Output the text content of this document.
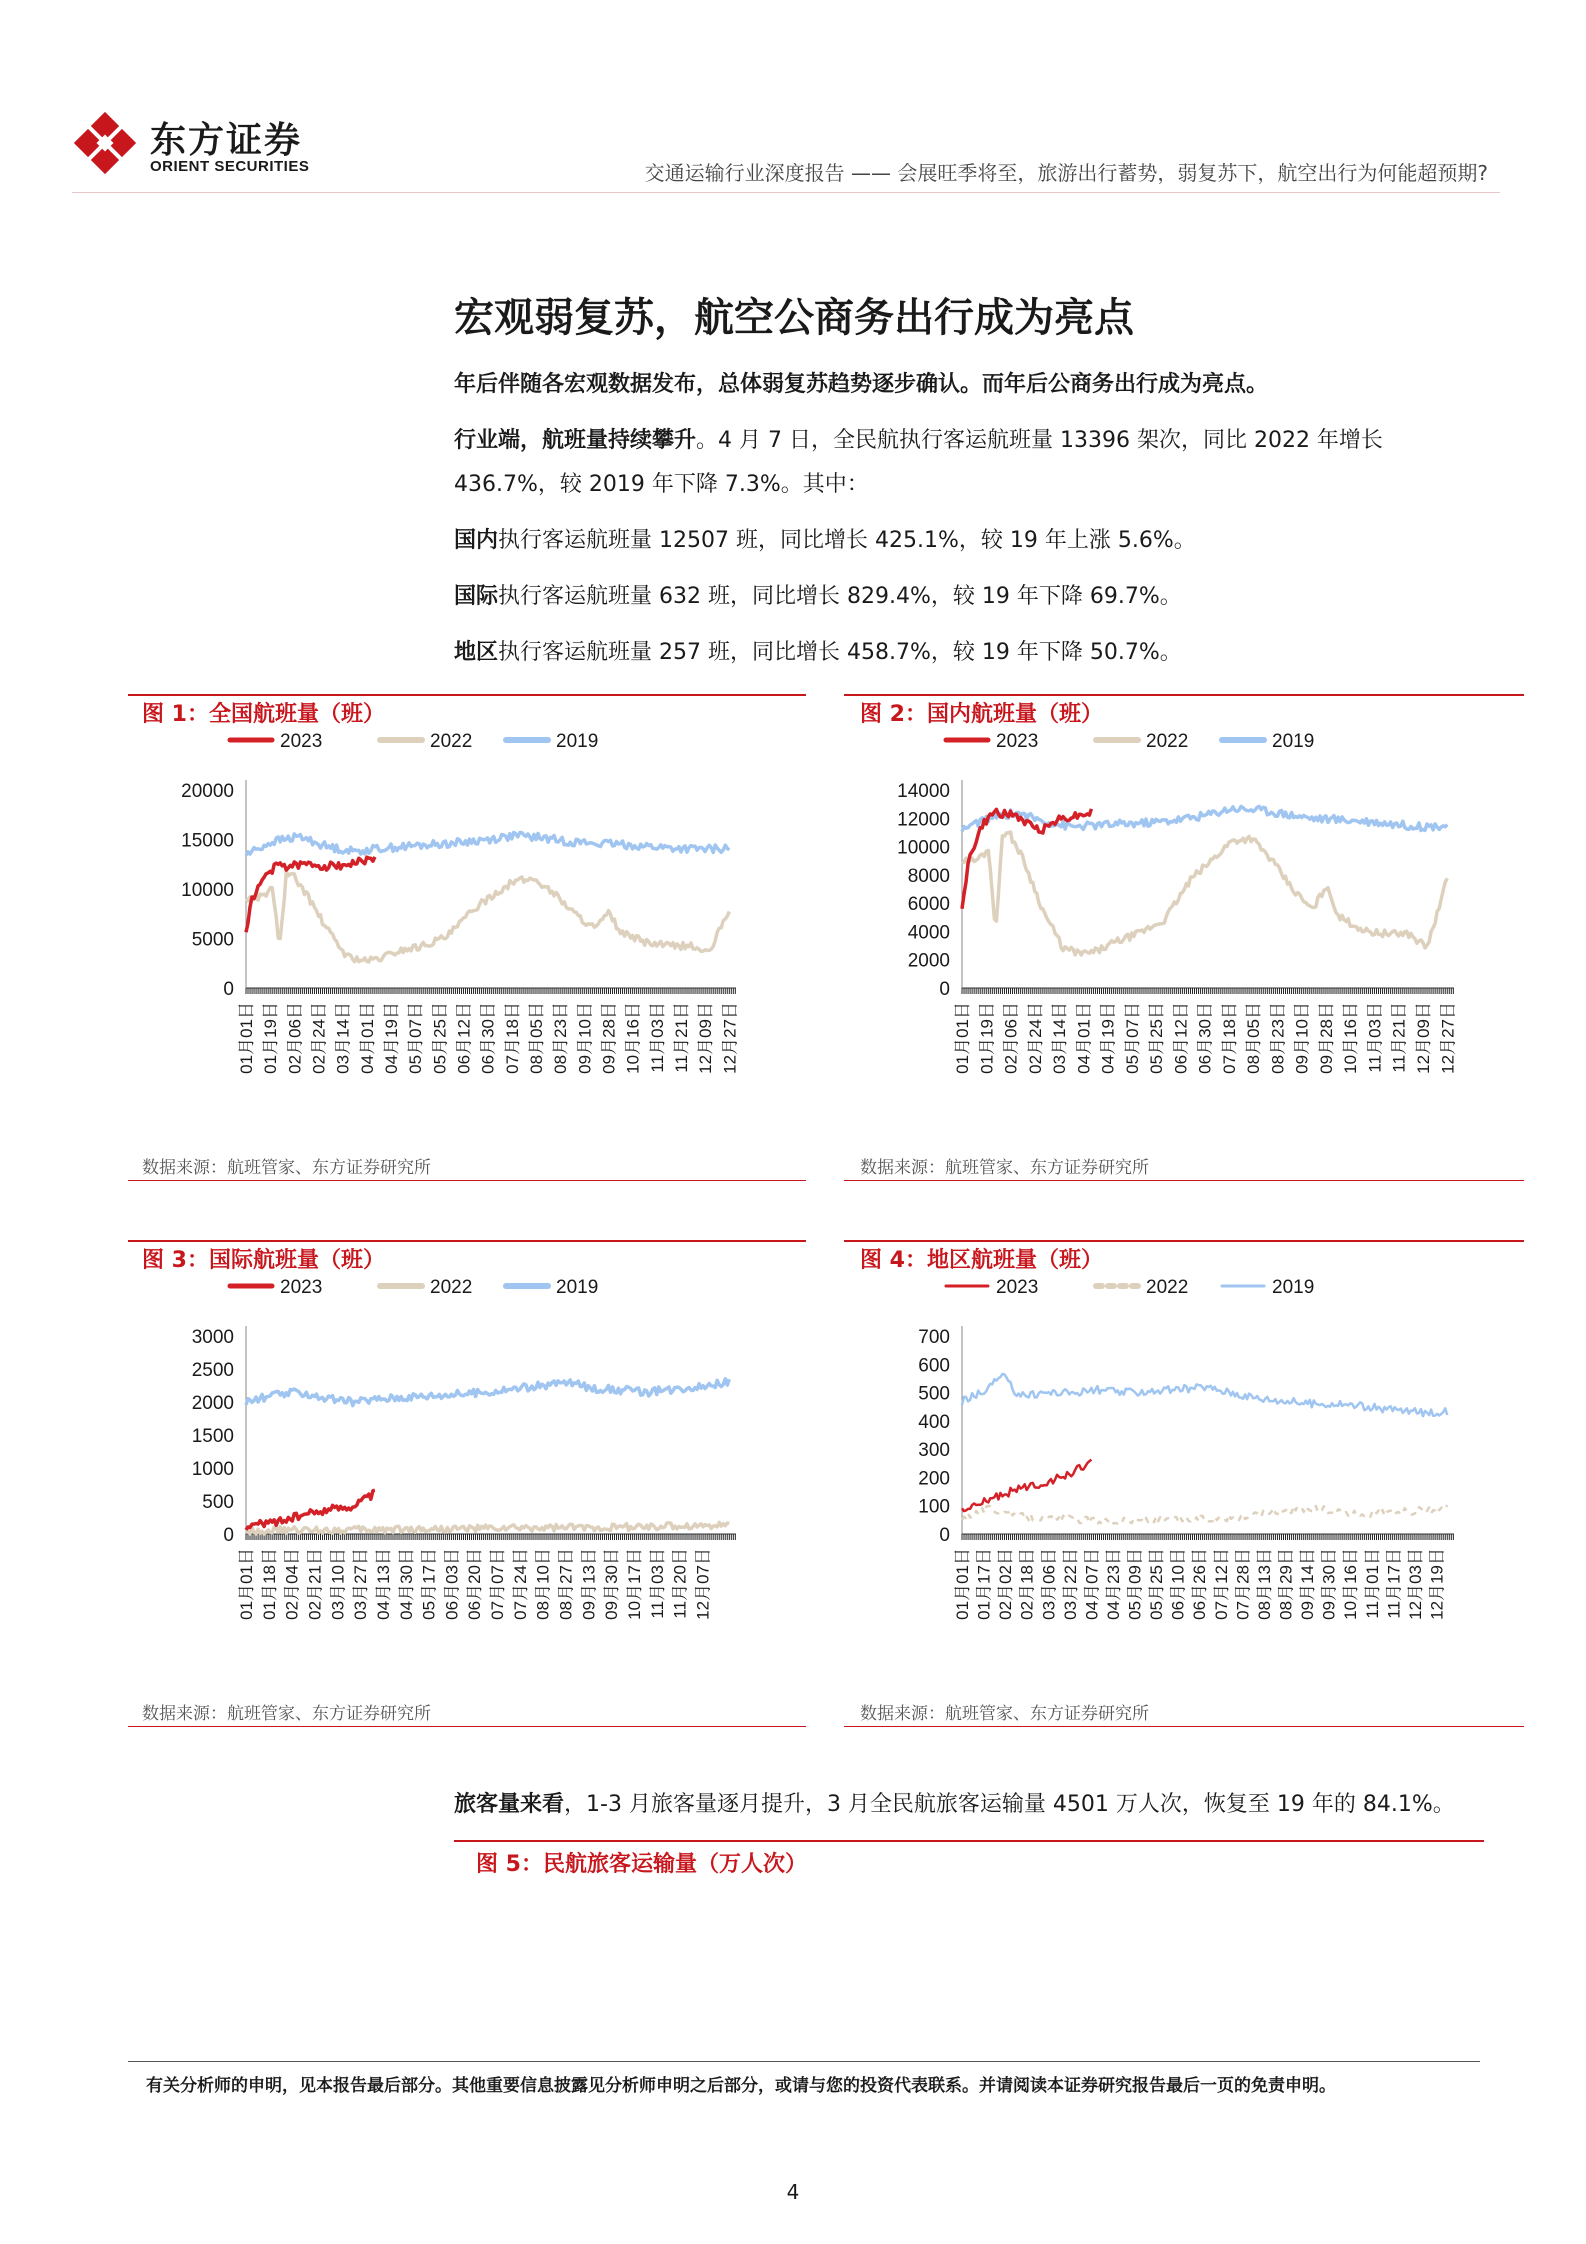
东方证券
ORIENT SECURITIES	交通运输行业深度报告 —— 会展旺季将至，旅游出行蓄势，弱复苏下，航空出行为何能超预期?
宏观弱复苏，航空公商务出行成为亮点
年后伴随各宏观数据发布，总体弱复苏趋势逐步确认。而年后公商务出行成为亮点。
行业端，航班量持续攀升。4 月 7 日，全民航执行客运航班量 13396 架次，同比 2022 年增长
436.7%，较 2019 年下降 7.3%。其中：
国内执行客运航班量 12507 班，同比增长 425.1%，较 19 年上涨 5.6%。
国际执行客运航班量 632 班，同比增长 829.4%，较 19 年下降 69.7%。
地区执行客运航班量 257 班，同比增长 458.7%，较 19 年下降 50.7%。
图 1：全国航班量（班）	图 2：国内航班量（班）
图 3：国际航班量（班）	图 4：地区航班量（班）
2023	2022	2019
20000
15000
10000
5000
0
01月01日 01月19日 02月06日 02月24日 03月14日 04月01日 04月19日 05月07日 05月25日 06月12日 06月30日 07月18日 08月05日 08月23日 09月10日 09月28日 10月16日 11月03日 11月21日 12月09日 12月27日
2023	2022	2019
14000
12000
10000
8000
6000
4000
2000
0
01月01日 01月19日 02月06日 02月24日 03月14日 04月01日 04月19日 05月07日 05月25日 06月12日 06月30日 07月18日 08月05日 08月23日 09月10日 09月28日 10月16日 11月03日 11月21日 12月09日 12月27日
2023	2022	2019
3000
2500
2000
1500
1000
500
0
01月01日 01月18日 02月04日 02月21日 03月10日 03月27日 04月13日 04月30日 05月17日 06月03日 06月20日 07月07日 07月24日 08月10日 08月27日 09月13日 09月30日 10月17日 11月03日 11月20日 12月07日
2023	2022	2019
700
600
500
400
300
200
100
0
01月01日 01月17日 02月02日 02月18日 03月06日 03月22日 04月07日 04月23日 05月09日 05月25日 06月10日 06月26日 07月12日 07月28日 08月13日 08月29日 09月14日 09月30日 10月16日 11月01日 11月17日 12月03日 12月19日
数据来源：航班管家、东方证券研究所	数据来源：航班管家、东方证券研究所
数据来源：航班管家、东方证券研究所	数据来源：航班管家、东方证券研究所
旅客量来看，1-3 月旅客量逐月提升，3 月全民航旅客运输量 4501 万人次，恢复至 19 年的 84.1%。
图 5：民航旅客运输量（万人次）
有关分析师的申明，见本报告最后部分。其他重要信息披露见分析师申明之后部分，或请与您的投资代表联系。并请阅读本证券研究报告最后一页的免责申明。
4
